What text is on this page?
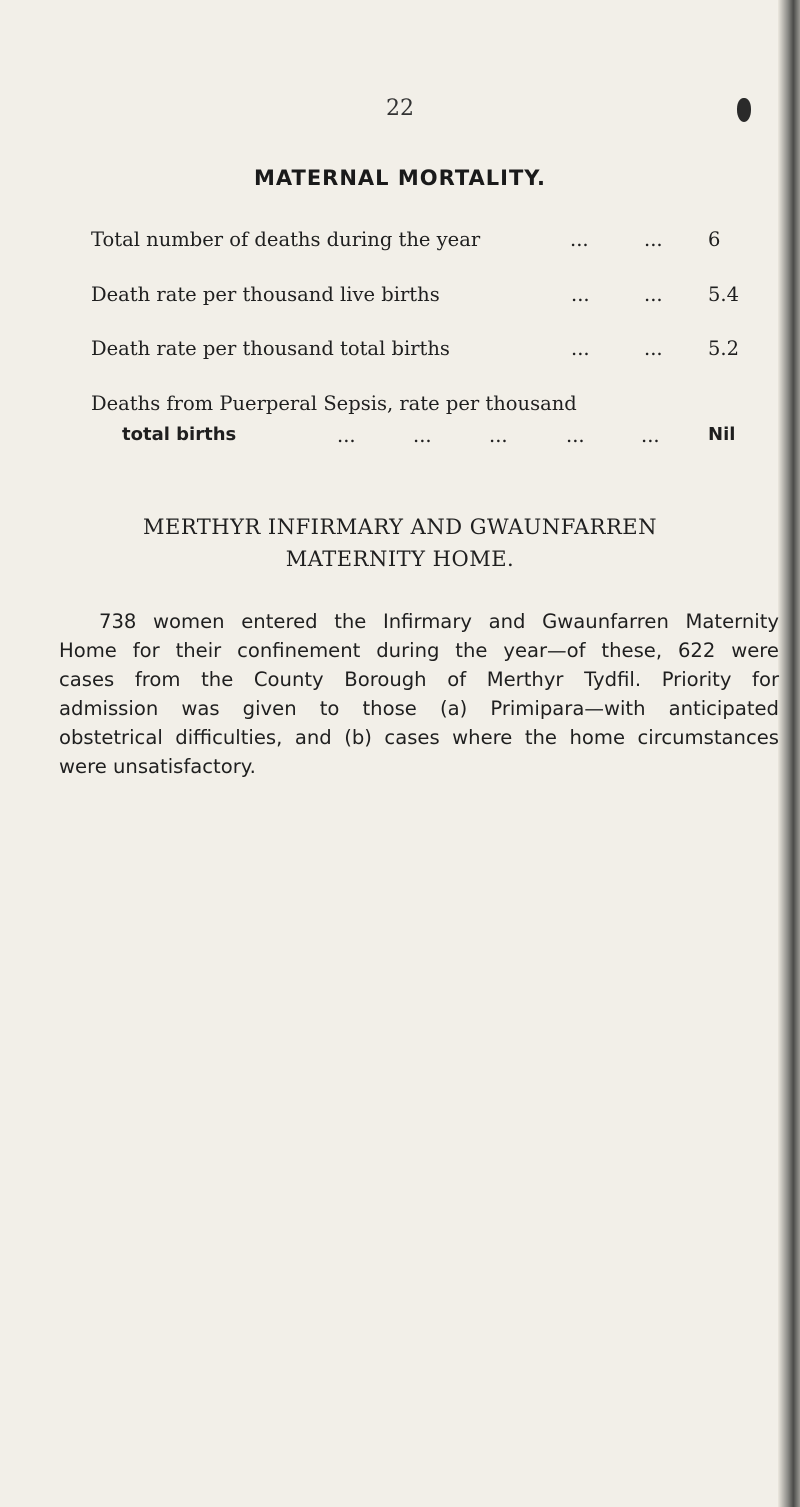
22
MATERNAL MORTALITY.
Total number of deaths during the year	...	... 6
Death rate per thousand live births	...	... 5.4
Death rate per thousand total births	...	... 5.2
Deaths from Puerperal Sepsis, rate per thousand
total births	...	...	...	...	...	Nil
MERTHYR INFIRMARY AND GWAUNFARREN
MATERNITY HOME.
738 women entered the Infirmary and Gwaunfarren Maternity
Home for their confinement during the year—of these, 622 were
cases from the County Borough of Merthyr Tydfil. Priority for
admission was given to those (a) Primipara—with anticipated
obstetrical difficulties, and (b) cases where the home circumstances
were unsatisfactory.
